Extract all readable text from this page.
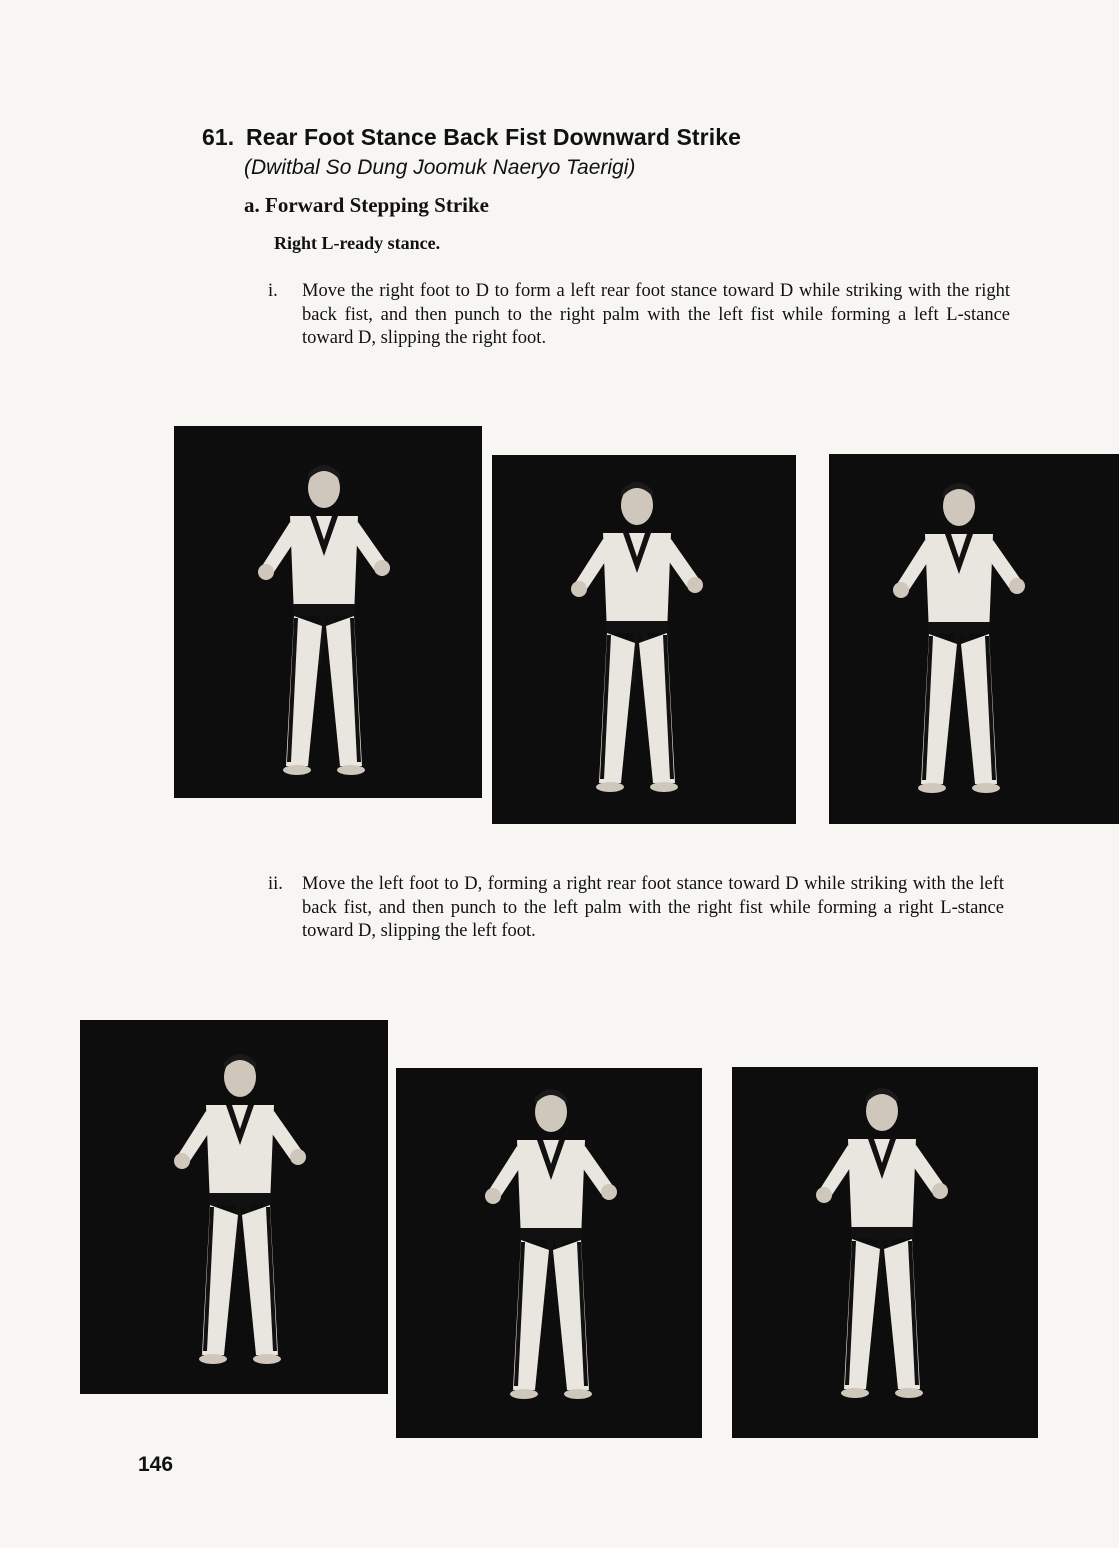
61. Rear Foot Stance Back Fist Downward Strike
(Dwitbal So Dung Joomuk Naeryo Taerigi)
a. Forward Stepping Strike
Right L-ready stance.
i.	Move the right foot to D to form a left rear foot stance toward D while striking with the right back fist, and then punch to the right palm with the left fist while forming a left L-stance toward D, slipping the right foot.
ii.	Move the left foot to D, forming a right rear foot stance toward D while striking with the left back fist, and then punch to the left palm with the right fist while forming a right L-stance toward D, slipping the left foot.
146
